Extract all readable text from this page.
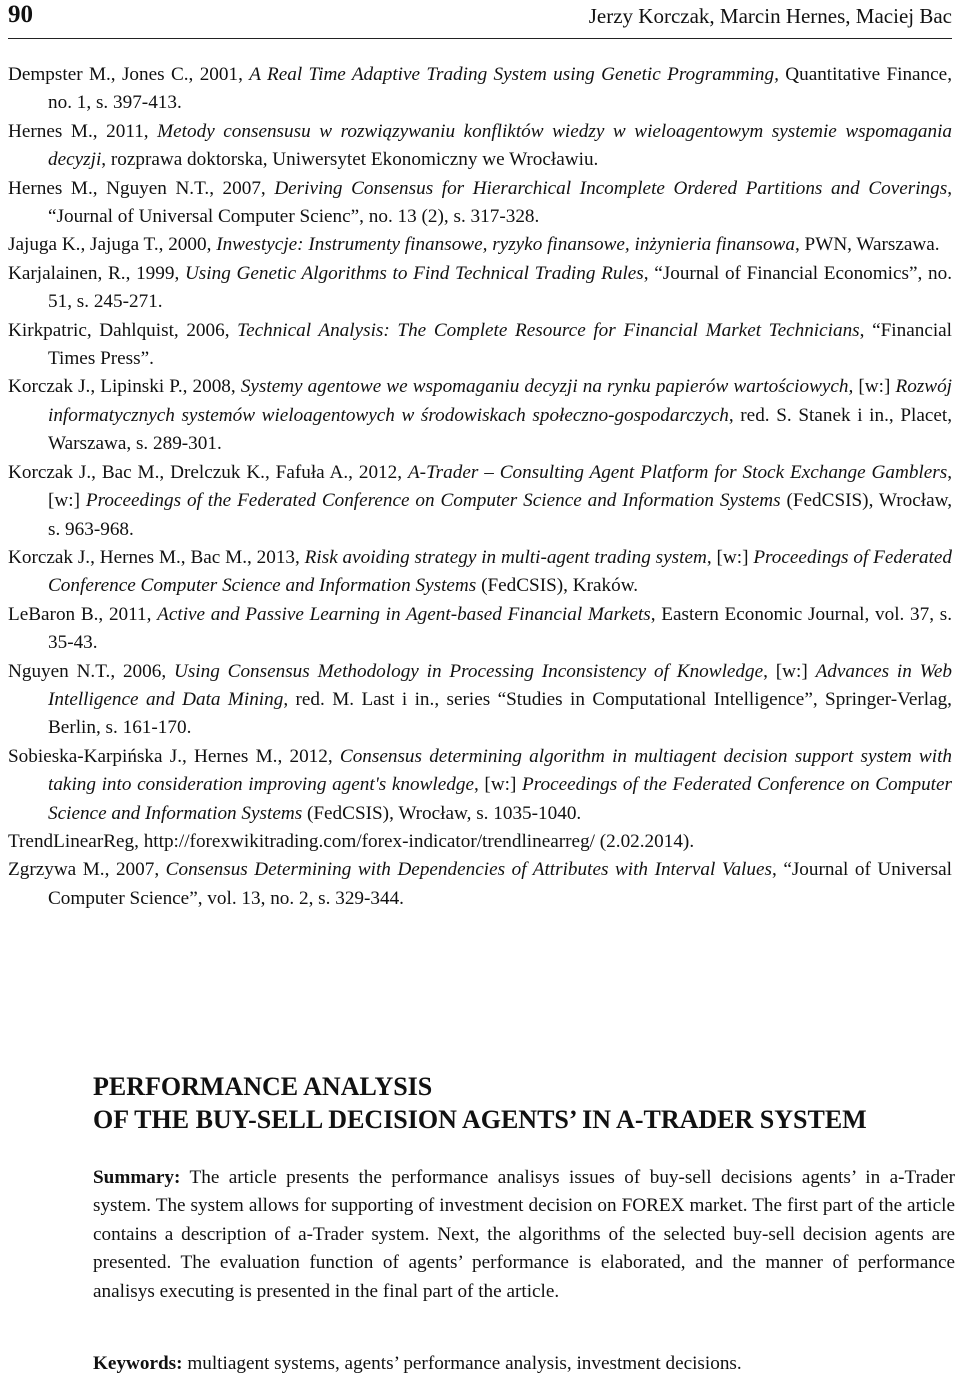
90	Jerzy Korczak, Marcin Hernes, Maciej Bac

Dempster M., Jones C., 2001, A Real Time Adaptive Trading System using Genetic Programming, Quantitative Finance, no. 1, s. 397-413.

Hernes M., 2011, Metody consensusu w rozwiązywaniu konfliktów wiedzy w wieloagentowym systemie wspomagania decyzji, rozprawa doktorska, Uniwersytet Ekonomiczny we Wrocławiu.

Hernes M., Nguyen N.T., 2007, Deriving Consensus for Hierarchical Incomplete Ordered Partitions and Coverings, “Journal of Universal Computer Scienc”, no. 13 (2), s. 317-328.

Jajuga K., Jajuga T., 2000, Inwestycje: Instrumenty finansowe, ryzyko finansowe, inżynieria finansowa, PWN, Warszawa.

Karjalainen, R., 1999, Using Genetic Algorithms to Find Technical Trading Rules, “Journal of Financial Economics”, no. 51, s. 245-271.

Kirkpatric, Dahlquist, 2006, Technical Analysis: The Complete Resource for Financial Market Technicians, “Financial Times Press”.

Korczak J., Lipinski P., 2008, Systemy agentowe we wspomaganiu decyzji na rynku papierów wartościowych, [w:] Rozwój informatycznych systemów wieloagentowych w środowiskach społeczno-gospodarczych, red. S. Stanek i in., Placet, Warszawa, s. 289-301.

Korczak J., Bac M., Drelczuk K., Fafuła A., 2012, A-Trader – Consulting Agent Platform for Stock Exchange Gamblers, [w:] Proceedings of the Federated Conference on Computer Science and Information Systems (FedCSIS), Wrocław, s. 963-968.

Korczak J., Hernes M., Bac M., 2013, Risk avoiding strategy in multi-agent trading system, [w:] Proceedings of Federated Conference Computer Science and Information Systems (FedCSIS), Kraków.

LeBaron B., 2011, Active and Passive Learning in Agent-based Financial Markets, Eastern Economic Journal, vol. 37, s. 35-43.

Nguyen N.T., 2006, Using Consensus Methodology in Processing Inconsistency of Knowledge, [w:] Advances in Web Intelligence and Data Mining, red. M. Last i in., series “Studies in Computational Intelligence”, Springer-Verlag, Berlin, s. 161-170.

Sobieska-Karpińska J., Hernes M., 2012, Consensus determining algorithm in multiagent decision support system with taking into consideration improving agent's knowledge, [w:] Proceedings of the Federated Conference on Computer Science and Information Systems (FedCSIS), Wrocław, s. 1035-1040.

TrendLinearReg, http://forexwikitrading.com/forex-indicator/trendlinearreg/ (2.02.2014).

Zgrzywa M., 2007, Consensus Determining with Dependencies of Attributes with Interval Values, “Journal of Universal Computer Science”, vol. 13, no. 2, s. 329-344.

PERFORMANCE ANALYSIS

OF THE BUY-SELL DECISION AGENTS’ IN A-TRADER SYSTEM

Summary: The article presents the performance analisys issues of buy-sell decisions agents’ in a-Trader system. The system allows for supporting of investment decision on FOREX market. The first part of the article contains a description of a-Trader system. Next, the algorithms of the selected buy-sell decision agents are presented. The evaluation function of agents’ performance is elaborated, and the manner of performance analisys executing is presented in the final part of the article.

Keywords: multiagent systems, agents’ performance analysis, investment decisions.
